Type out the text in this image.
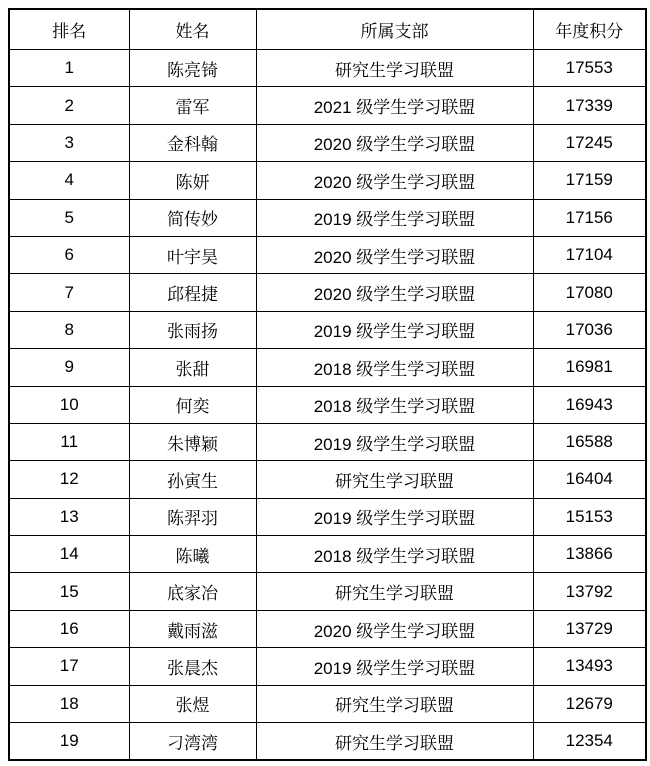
排名	姓名	所属支部	年度积分
1	陈亮锜	研究生学习联盟	17553
2	雷军	2021 级学生学习联盟	17339
3	金科翰	2020 级学生学习联盟	17245
4	陈妍	2020 级学生学习联盟	17159
5	简传妙	2019 级学生学习联盟	17156
6	叶宇昊	2020 级学生学习联盟	17104
7	邱程捷	2020 级学生学习联盟	17080
8	张雨扬	2019 级学生学习联盟	17036
9	张甜	2018 级学生学习联盟	16981
10	何奕	2018 级学生学习联盟	16943
11	朱博颖	2019 级学生学习联盟	16588
12	孙寅生	研究生学习联盟	16404
13	陈羿羽	2019 级学生学习联盟	15153
14	陈曦	2018 级学生学习联盟	13866
15	底家冶	研究生学习联盟	13792
16	戴雨滋	2020 级学生学习联盟	13729
17	张晨杰	2019 级学生学习联盟	13493
18	张煜	研究生学习联盟	12679
19	刁湾湾	研究生学习联盟	12354
